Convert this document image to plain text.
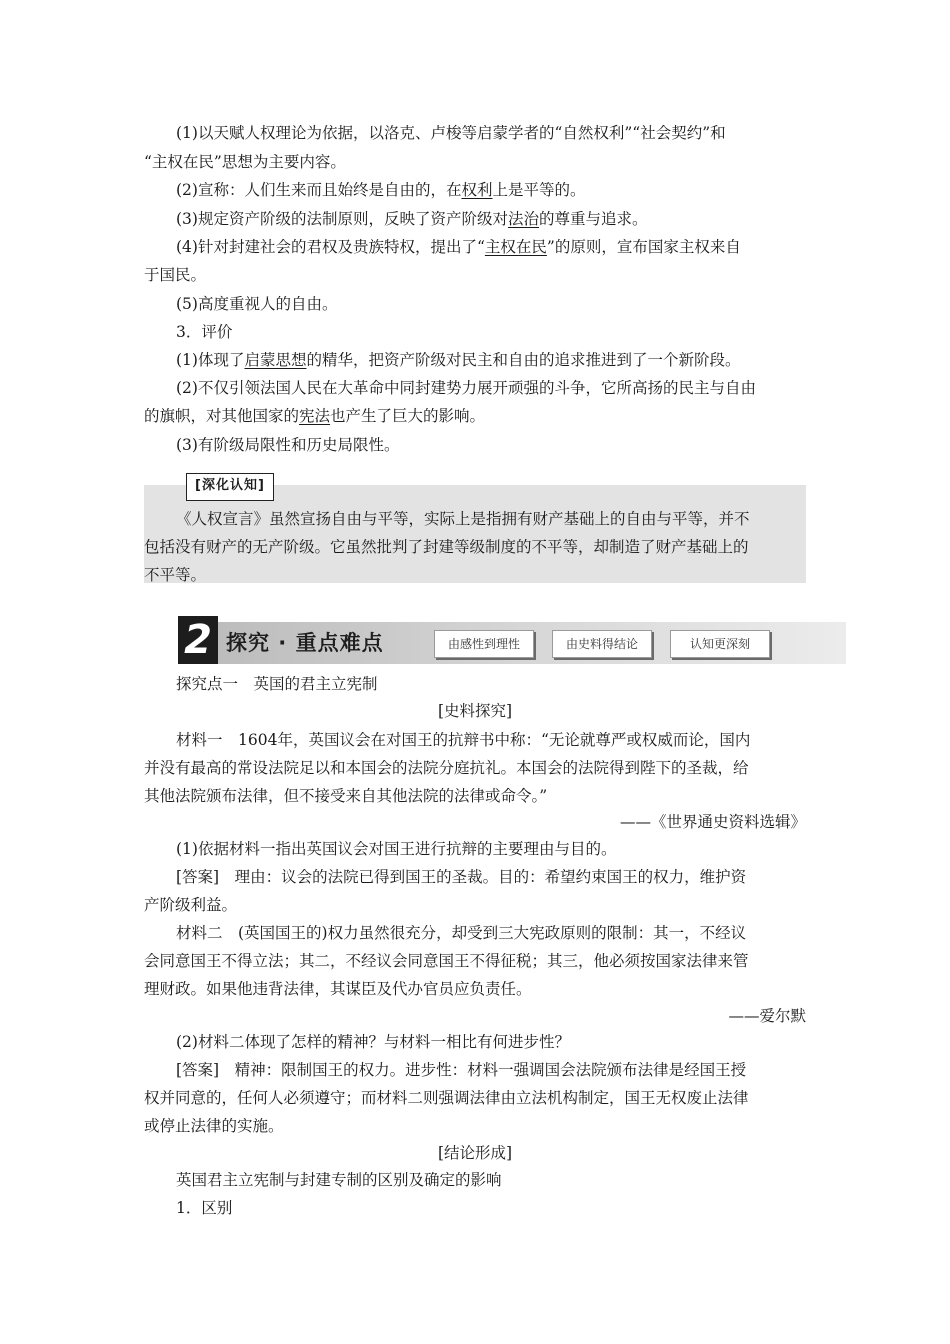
(1)以天赋人权理论为依据，以洛克、卢梭等启蒙学者的“自然权利”“社会契约”和
“主权在民”思想为主要内容。
(2)宣称：人们生来而且始终是自由的，在权利上是平等的。
(3)规定资产阶级的法制原则，反映了资产阶级对法治的尊重与追求。
(4)针对封建社会的君权及贵族特权，提出了“主权在民”的原则，宣布国家主权来自
于国民。
(5)高度重视人的自由。
3．评价
(1)体现了启蒙思想的精华，把资产阶级对民主和自由的追求推进到了一个新阶段。
(2)不仅引领法国人民在大革命中同封建势力展开顽强的斗争，它所高扬的民主与自由
的旗帜，对其他国家的宪法也产生了巨大的影响。
(3)有阶级局限性和历史局限性。
[深化认知]
《人权宣言》虽然宣扬自由与平等，实际上是指拥有财产基础上的自由与平等，并不
包括没有财产的无产阶级。它虽然批判了封建等级制度的不平等，却制造了财产基础上的
不平等。
2 探究 · 重点难点	由感性到理性	由史料得结论	认知更深刻
探究点一　英国的君主立宪制
[史料探究]
材料一　1604年，英国议会在对国王的抗辩书中称：“无论就尊严或权威而论，国内
并没有最高的常设法院足以和本国会的法院分庭抗礼。本国会的法院得到陛下的圣裁，给
其他法院颁布法律，但不接受来自其他法院的法律或命令。”
——《世界通史资料选辑》
(1)依据材料一指出英国议会对国王进行抗辩的主要理由与目的。
[答案]　理由：议会的法院已得到国王的圣裁。目的：希望约束国王的权力，维护资
产阶级利益。
材料二　(英国国王的)权力虽然很充分，却受到三大宪政原则的限制：其一，不经议
会同意国王不得立法；其二，不经议会同意国王不得征税；其三，他必须按国家法律来管
理财政。如果他违背法律，其谋臣及代办官员应负责任。
——爱尔默
(2)材料二体现了怎样的精神？与材料一相比有何进步性？
[答案]　精神：限制国王的权力。进步性：材料一强调国会法院颁布法律是经国王授
权并同意的，任何人必须遵守；而材料二则强调法律由立法机构制定，国王无权废止法律
或停止法律的实施。
[结论形成]
英国君主立宪制与封建专制的区别及确定的影响
1．区别
